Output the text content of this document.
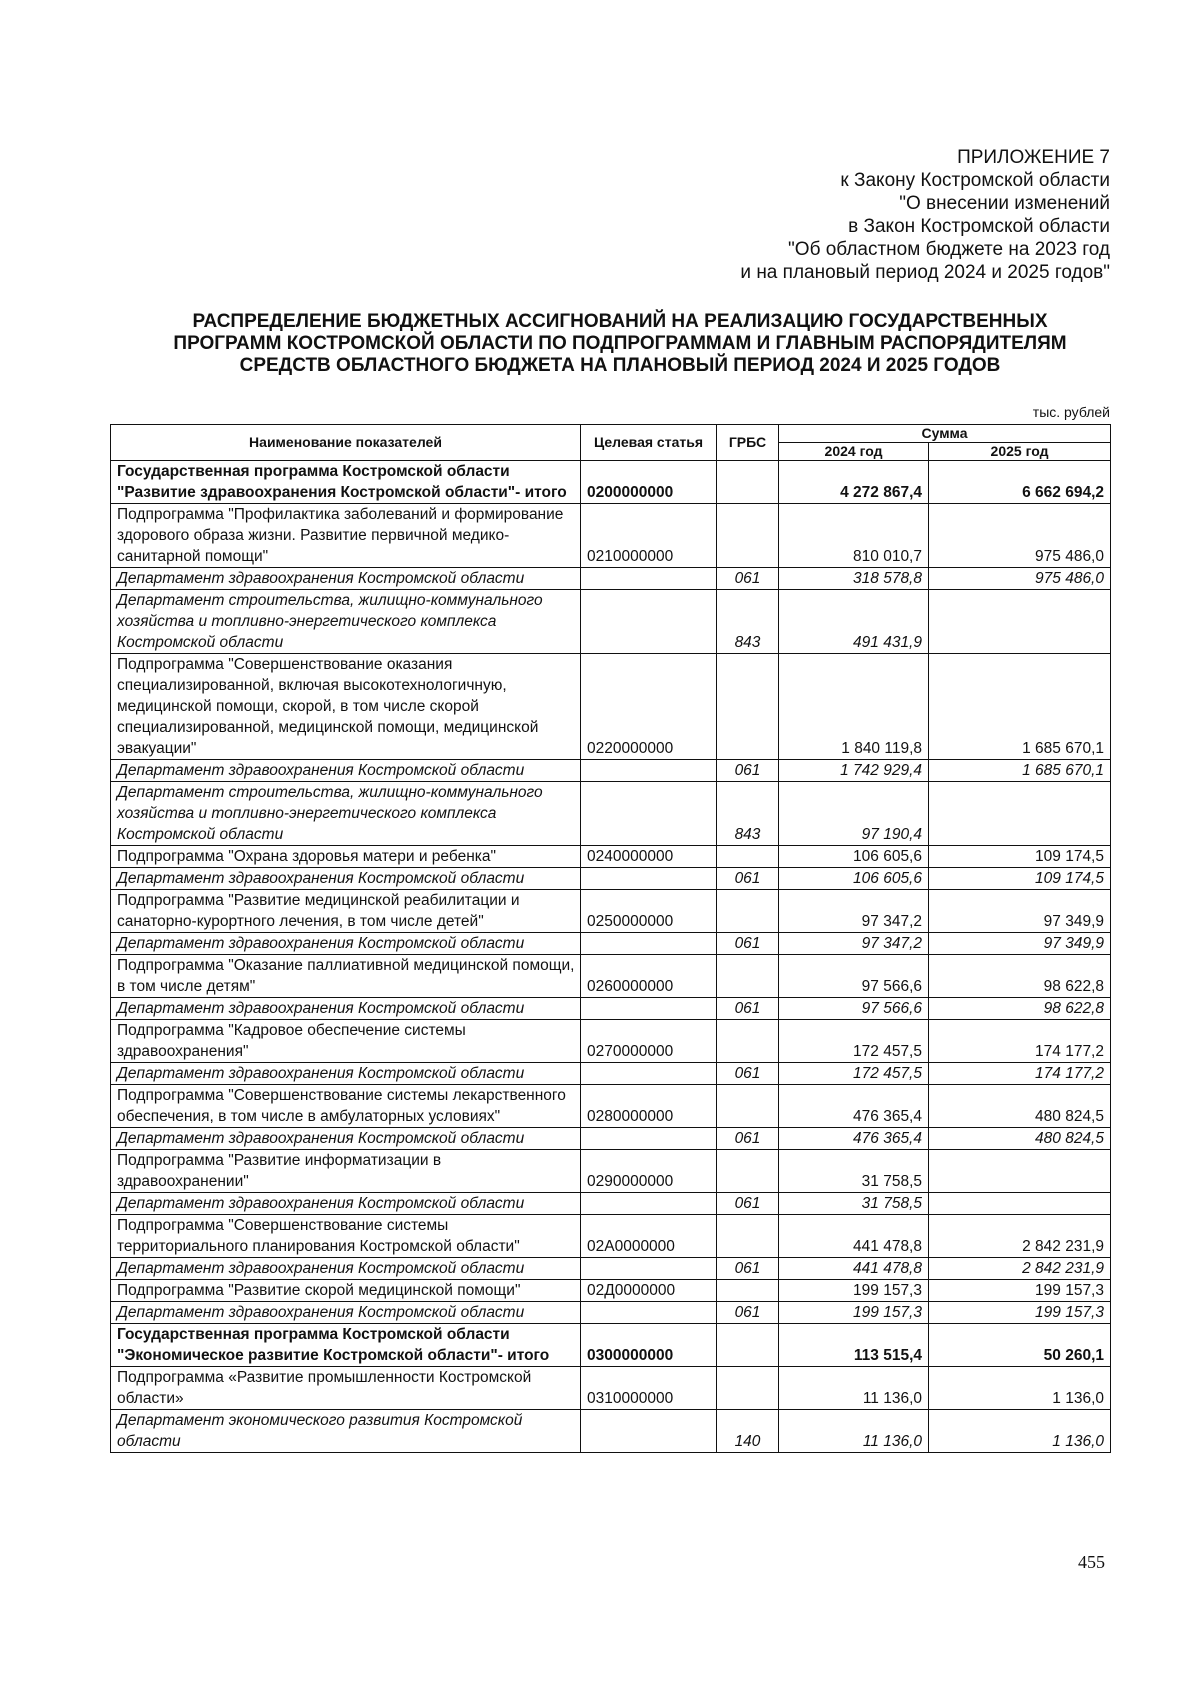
ПРИЛОЖЕНИЕ 7
к Закону Костромской области
"О внесении изменений
в Закон Костромской области
"Об областном бюджете на 2023 год
и на плановый период 2024 и 2025 годов"
РАСПРЕДЕЛЕНИЕ БЮДЖЕТНЫХ АССИГНОВАНИЙ НА РЕАЛИЗАЦИЮ ГОСУДАРСТВЕННЫХ
ПРОГРАММ КОСТРОМСКОЙ ОБЛАСТИ ПО ПОДПРОГРАММАМ И ГЛАВНЫМ РАСПОРЯДИТЕЛЯМ
СРЕДСТВ ОБЛАСТНОГО БЮДЖЕТА НА ПЛАНОВЫЙ ПЕРИОД 2024 И 2025 ГОДОВ
тыс. рублей
Наименование показателей	Целевая статья	ГРБС	Сумма	
			2024 год	2025 год
Государственная программа Костромской области "Развитие здравоохранения Костромской области"- итого	0200000000		4 272 867,4	6 662 694,2
Подпрограмма "Профилактика заболеваний и формирование здорового образа жизни. Развитие первичной медико-санитарной помощи"	0210000000		810 010,7	975 486,0
Департамент здравоохранения Костромской области		061	318 578,8	975 486,0
Департамент строительства, жилищно-коммунального хозяйства и топливно-энергетического комплекса Костромской области		843	491 431,9	
Подпрограмма "Совершенствование оказания специализированной, включая высокотехнологичную, медицинской помощи, скорой, в том числе скорой специализированной, медицинской помощи, медицинской эвакуации"	0220000000		1 840 119,8	1 685 670,1
Департамент здравоохранения Костромской области		061	1 742 929,4	1 685 670,1
Департамент строительства, жилищно-коммунального хозяйства и топливно-энергетического комплекса Костромской области		843	97 190,4	
Подпрограмма "Охрана здоровья матери и ребенка"	0240000000		106 605,6	109 174,5
Департамент здравоохранения Костромской области		061	106 605,6	109 174,5
Подпрограмма "Развитие медицинской реабилитации и санаторно-курортного лечения, в том числе детей"	0250000000		97 347,2	97 349,9
Департамент здравоохранения Костромской области		061	97 347,2	97 349,9
Подпрограмма "Оказание паллиативной медицинской помощи, в том числе детям"	0260000000		97 566,6	98 622,8
Департамент здравоохранения Костромской области		061	97 566,6	98 622,8
Подпрограмма "Кадровое обеспечение системы здравоохранения"	0270000000		172 457,5	174 177,2
Департамент здравоохранения Костромской области		061	172 457,5	174 177,2
Подпрограмма "Совершенствование системы лекарственного обеспечения, в том числе в амбулаторных условиях"	0280000000		476 365,4	480 824,5
Департамент здравоохранения Костромской области		061	476 365,4	480 824,5
Подпрограмма "Развитие информатизации в здравоохранении"	0290000000		31 758,5	
Департамент здравоохранения Костромской области		061	31 758,5	
Подпрограмма "Совершенствование системы территориального планирования Костромской области"	02А0000000		441 478,8	2 842 231,9
Департамент здравоохранения Костромской области		061	441 478,8	2 842 231,9
Подпрограмма "Развитие скорой медицинской помощи"	02Д0000000		199 157,3	199 157,3
Департамент здравоохранения Костромской области		061	199 157,3	199 157,3
Государственная программа Костромской области "Экономическое развитие Костромской области"- итого	0300000000		113 515,4	50 260,1
Подпрограмма «Развитие промышленности Костромской области»	0310000000		11 136,0	1 136,0
Департамент экономического развития Костромской области		140	11 136,0	1 136,0
455
